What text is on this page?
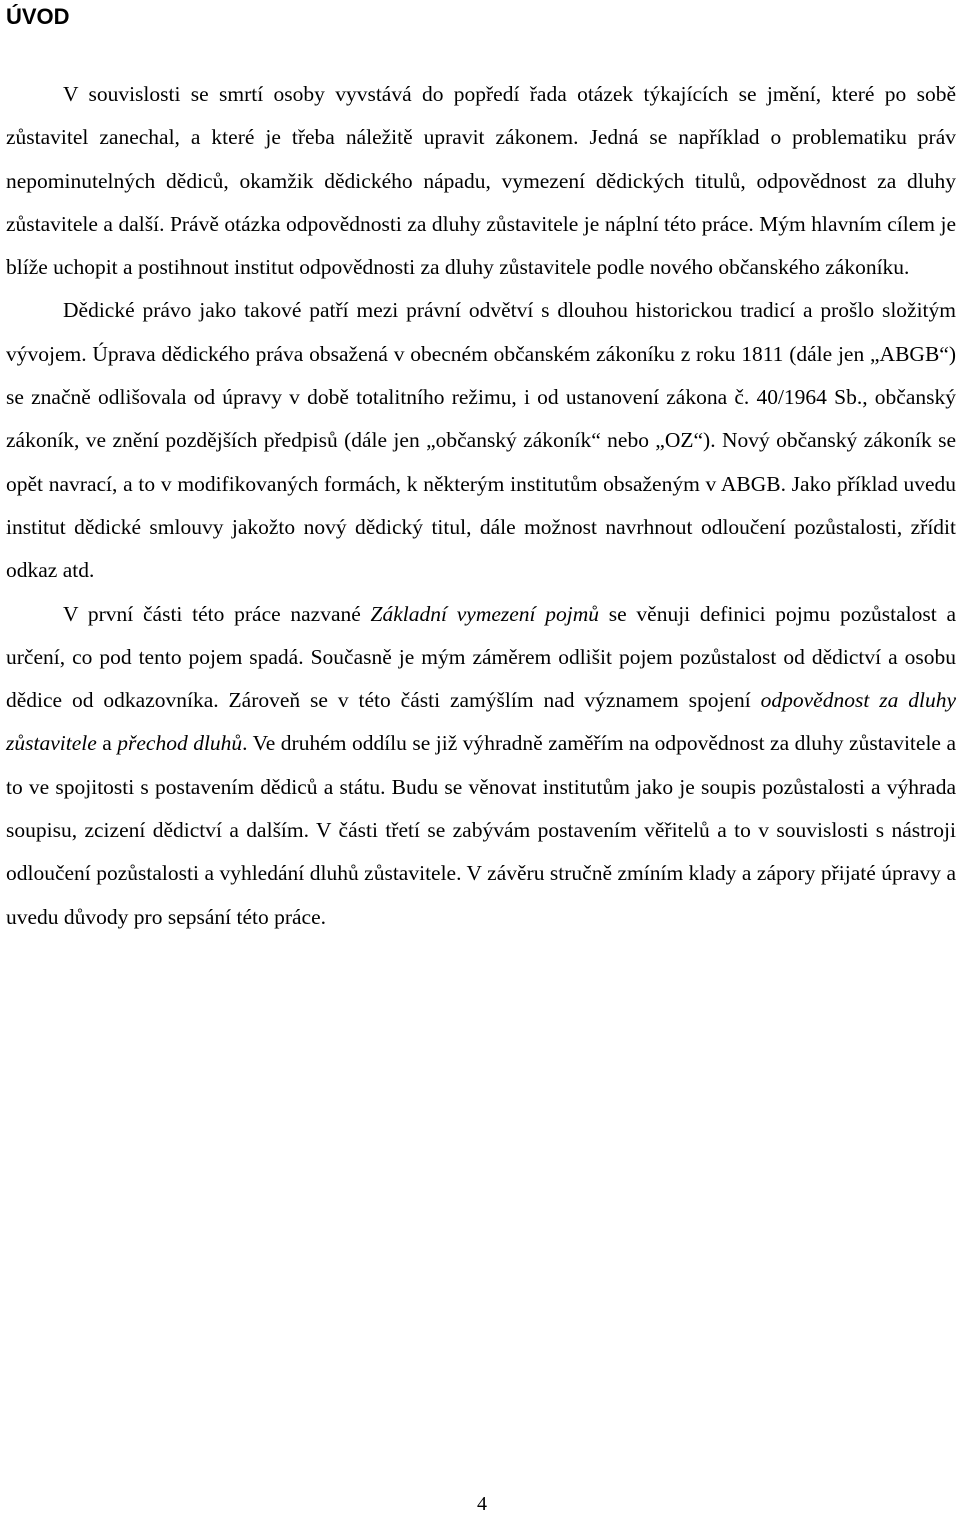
ÚVOD

V souvislosti se smrtí osoby vyvstává do popředí řada otázek týkajících se jmění, které po sobě zůstavitel zanechal, a které je třeba náležitě upravit zákonem. Jedná se například o problematiku práv nepominutelných dědiců, okamžik dědického nápadu, vymezení dědických titulů, odpovědnost za dluhy zůstavitele a další. Právě otázka odpovědnosti za dluhy zůstavitele je náplní této práce. Mým hlavním cílem je blíže uchopit a postihnout institut odpovědnosti za dluhy zůstavitele podle nového občanského zákoníku.

Dědické právo jako takové patří mezi právní odvětví s dlouhou historickou tradicí a prošlo složitým vývojem. Úprava dědického práva obsažená v obecném občanském zákoníku z roku 1811 (dále jen „ABGB“) se značně odlišovala od úpravy v době totalitního režimu, i od ustanovení zákona č. 40/1964 Sb., občanský zákoník, ve znění pozdějších předpisů (dále jen „občanský zákoník“ nebo „OZ“). Nový občanský zákoník se opět navrací, a to v modifikovaných formách, k některým institutům obsaženým v ABGB. Jako příklad uvedu institut dědické smlouvy jakožto nový dědický titul, dále možnost navrhnout odloučení pozůstalosti, zřídit odkaz atd.

V první části této práce nazvané Základní vymezení pojmů se věnuji definici pojmu pozůstalost a určení, co pod tento pojem spadá. Současně je mým záměrem odlišit pojem pozůstalost od dědictví a osobu dědice od odkazovníka. Zároveň se v této části zamýšlím nad významem spojení odpovědnost za dluhy zůstavitele a přechod dluhů. Ve druhém oddílu se již výhradně zaměřím na odpovědnost za dluhy zůstavitele a to ve spojitosti s postavením dědiců a státu. Budu se věnovat institutům jako je soupis pozůstalosti a výhrada soupisu, zcizení dědictví a dalším. V části třetí se zabývám postavením věřitelů a to v souvislosti s nástroji odloučení pozůstalosti a vyhledání dluhů zůstavitele. V závěru stručně zmíním klady a zápory přijaté úpravy a uvedu důvody pro sepsání této práce.

4
